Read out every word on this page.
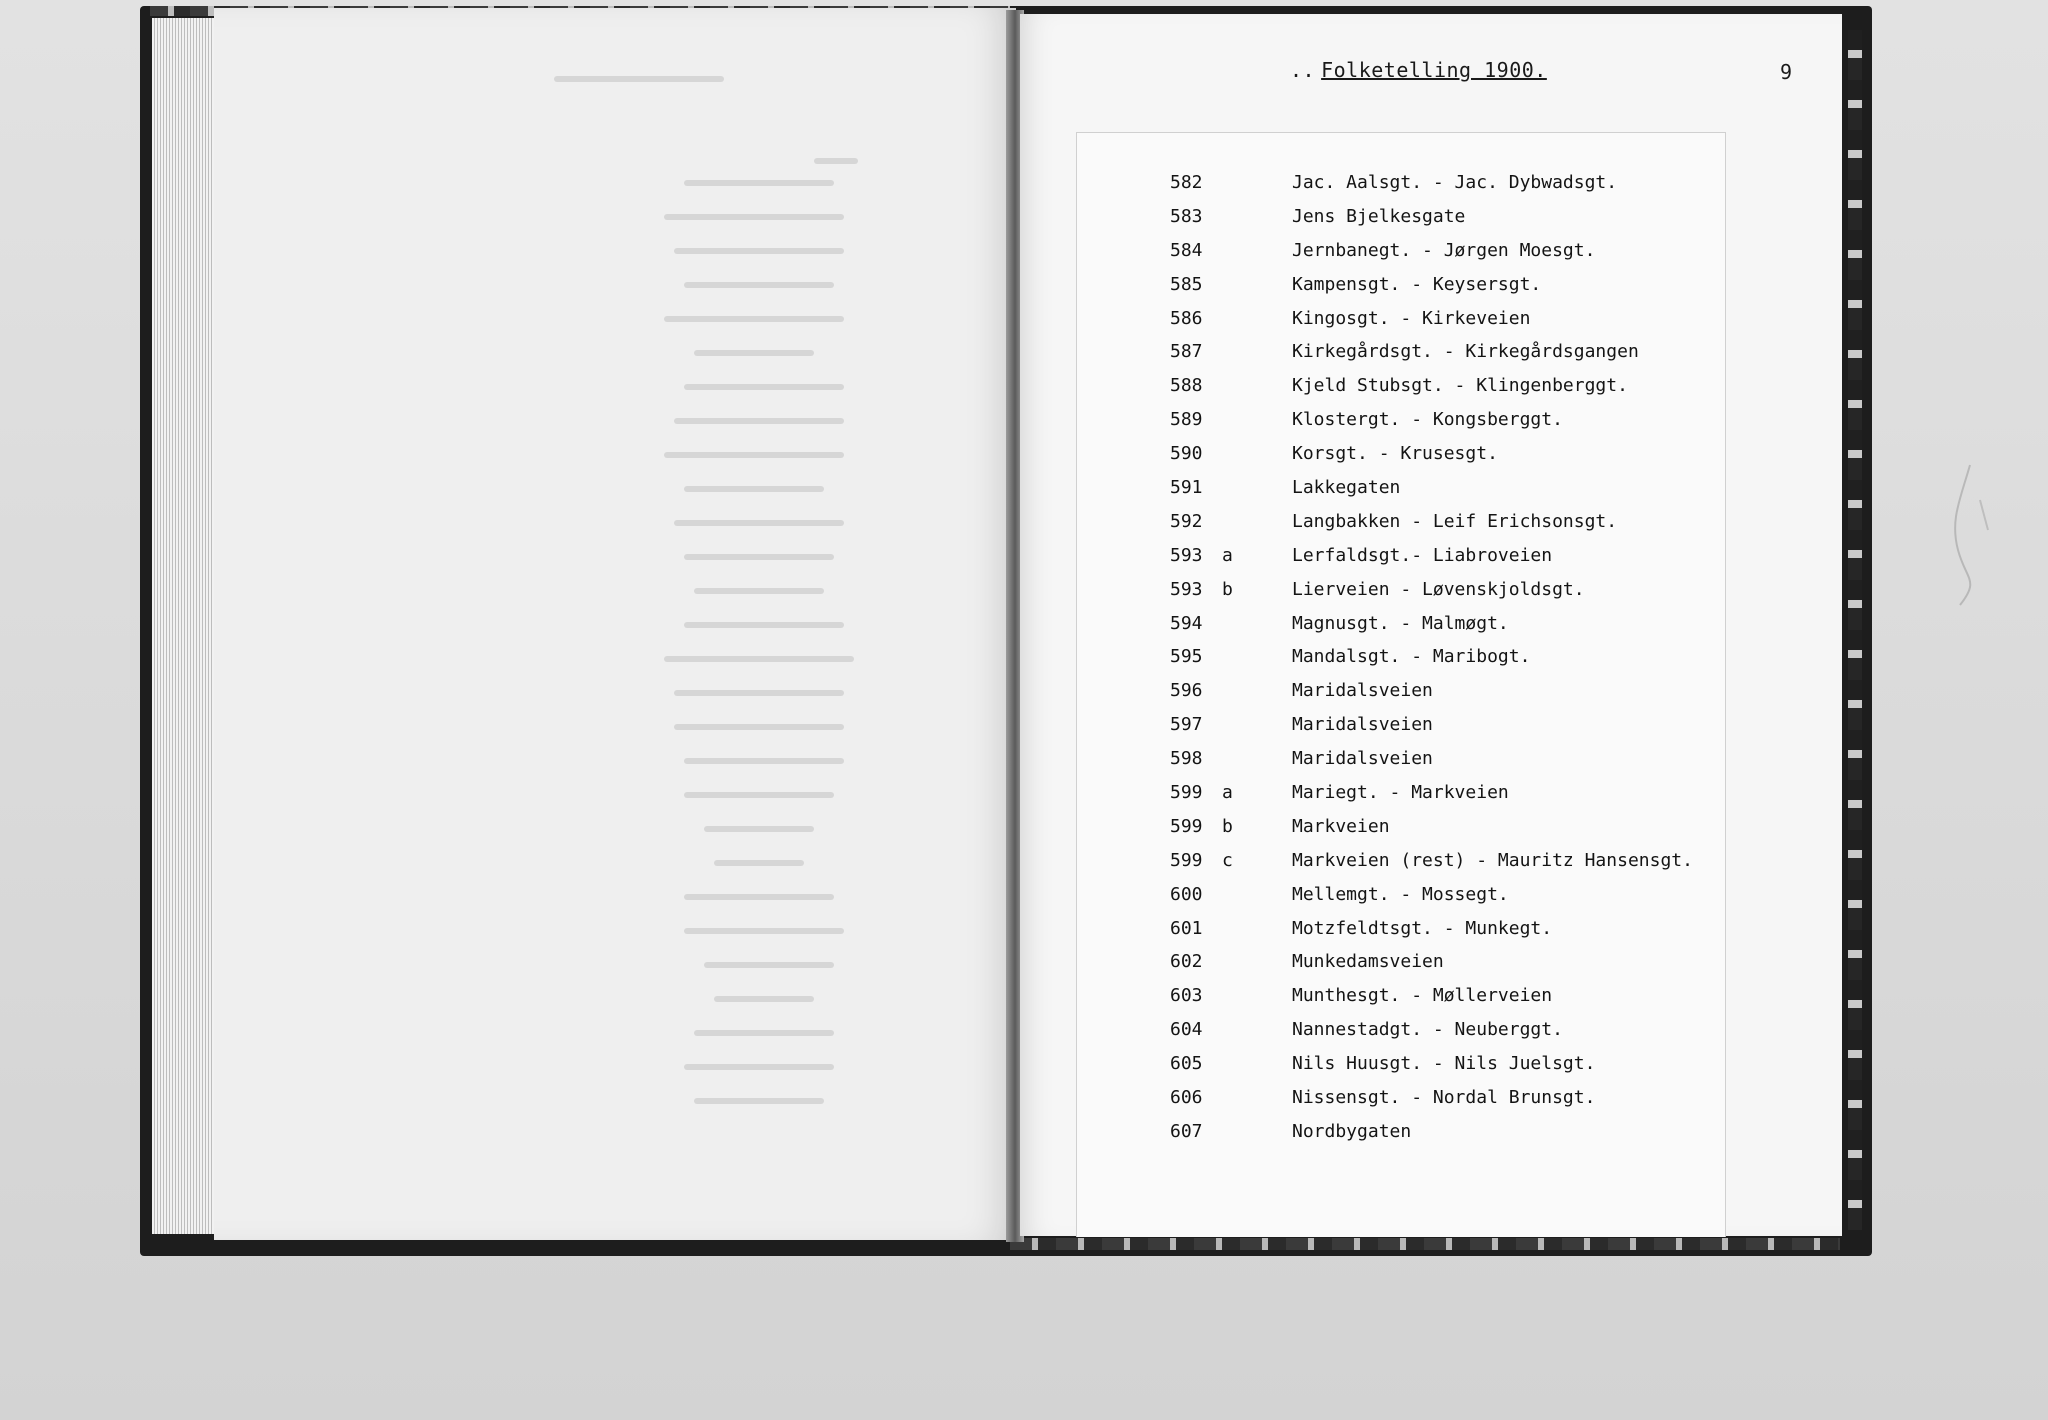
.. Folketelling 1900.	9
582	Jac. Aalsgt. - Jac. Dybwadsgt.
583	Jens Bjelkesgate
584	Jernbanegt. - Jørgen Moesgt.
585	Kampensgt. - Keysersgt.
586	Kingosgt. - Kirkeveien
587	Kirkegårdsgt. - Kirkegårdsgangen
588	Kjeld Stubsgt. - Klingenberggt.
589	Klostergt. - Kongsberggt.
590	Korsgt. - Krusesgt.
591	Lakkegaten
592	Langbakken - Leif Erichsonsgt.
593	a	Lerfaldsgt.- Liabroveien
593	b	Lierveien - Løvenskjoldsgt.
594	Magnusgt. - Malmøgt.
595	Mandalsgt. - Maribogt.
596	Maridalsveien
597	Maridalsveien
598	Maridalsveien
599	a	Mariegt. - Markveien
599	b	Markveien
599	c	Markveien (rest) - Mauritz Hansensgt.
600	Mellemgt. - Mossegt.
601	Motzfeldtsgt. - Munkegt.
602	Munkedamsveien
603	Munthesgt. - Møllerveien
604	Nannestadgt. - Neuberggt.
605	Nils Huusgt. - Nils Juelsgt.
606	Nissensgt. - Nordal Brunsgt.
607	Nordbygaten
